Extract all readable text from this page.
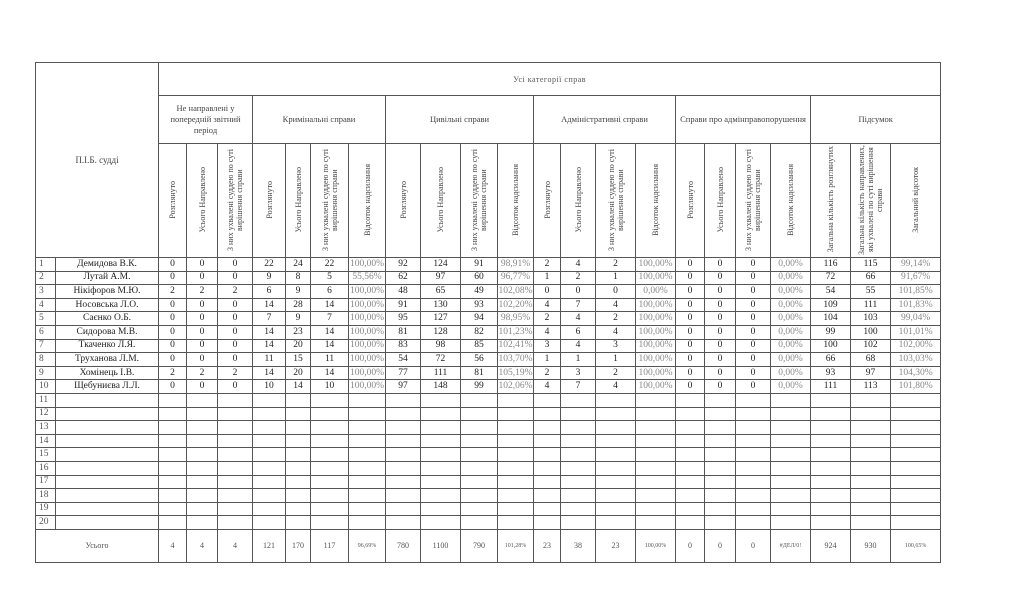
П.І.Б. судді		Усі категорії справ																					
		Не направлені у попередній звітний період			Кримінальні справи				Цивільні справи				Адміністративні справи				Справи про адмінправопорушення				Підсумок		
		Розглянуто	Усього Направлено	З них ухвалені суддею по суті вирішення справи	Розглянуто	Усього Направлено	З них ухвалені суддею по суті вирішення справи	Відсоток надсилання	Розглянуто	Усього Направлено	З них ухвалені суддею по суті вирішення справи	Відсоток надсилання	Розглянуто	Усього Направлено	З них ухвалені суддею по суті вирішення справи	Відсоток надсилання	Розглянуто	Усього Направлено	З них ухвалені суддею по суті вирішення справи	Відсоток надсилання	Загальна кількість розглянутих	Загальна кількість направлених, які ухвалені по суті вирішення справи	Загальний відсоток
1	Демидова В.К.	0	0	0	22	24	22	100,00%	92	124	91	98,91%	2	4	2	100,00%	0	0	0	0,00%	116	115	99,14%
2	Лутай А.М.	0	0	0	9	8	5	55,56%	62	97	60	96,77%	1	2	1	100,00%	0	0	0	0,00%	72	66	91,67%
3	Нікіфоров М.Ю.	2	2	2	6	9	6	100,00%	48	65	49	102,08%	0	0	0	0,00%	0	0	0	0,00%	54	55	101,85%
4	Носовська Л.О.	0	0	0	14	28	14	100,00%	91	130	93	102,20%	4	7	4	100,00%	0	0	0	0,00%	109	111	101,83%
5	Саєнко О.Б.	0	0	0	7	9	7	100,00%	95	127	94	98,95%	2	4	2	100,00%	0	0	0	0,00%	104	103	99,04%
6	Сидорова М.В.	0	0	0	14	23	14	100,00%	81	128	82	101,23%	4	6	4	100,00%	0	0	0	0,00%	99	100	101,01%
7	Ткаченко Л.Я.	0	0	0	14	20	14	100,00%	83	98	85	102,41%	3	4	3	100,00%	0	0	0	0,00%	100	102	102,00%
8	Труханова Л.М.	0	0	0	11	15	11	100,00%	54	72	56	103,70%	1	1	1	100,00%	0	0	0	0,00%	66	68	103,03%
9	Хомінець І.В.	2	2	2	14	20	14	100,00%	77	111	81	105,19%	2	3	2	100,00%	0	0	0	0,00%	93	97	104,30%
10	Щебуниєва Л.Л.	0	0	0	10	14	10	100,00%	97	148	99	102,06%	4	7	4	100,00%	0	0	0	0,00%	111	113	101,80%
11																							
12																							
13																							
14																							
15																							
16																							
17																							
18																							
19																							
20																							
Усього		4	4	4	121	170	117	96,69%	780	1100	790	101,28%	23	38	23	100,00%	0	0	0	#ДЕЛ/0!	924	930	100,65%
